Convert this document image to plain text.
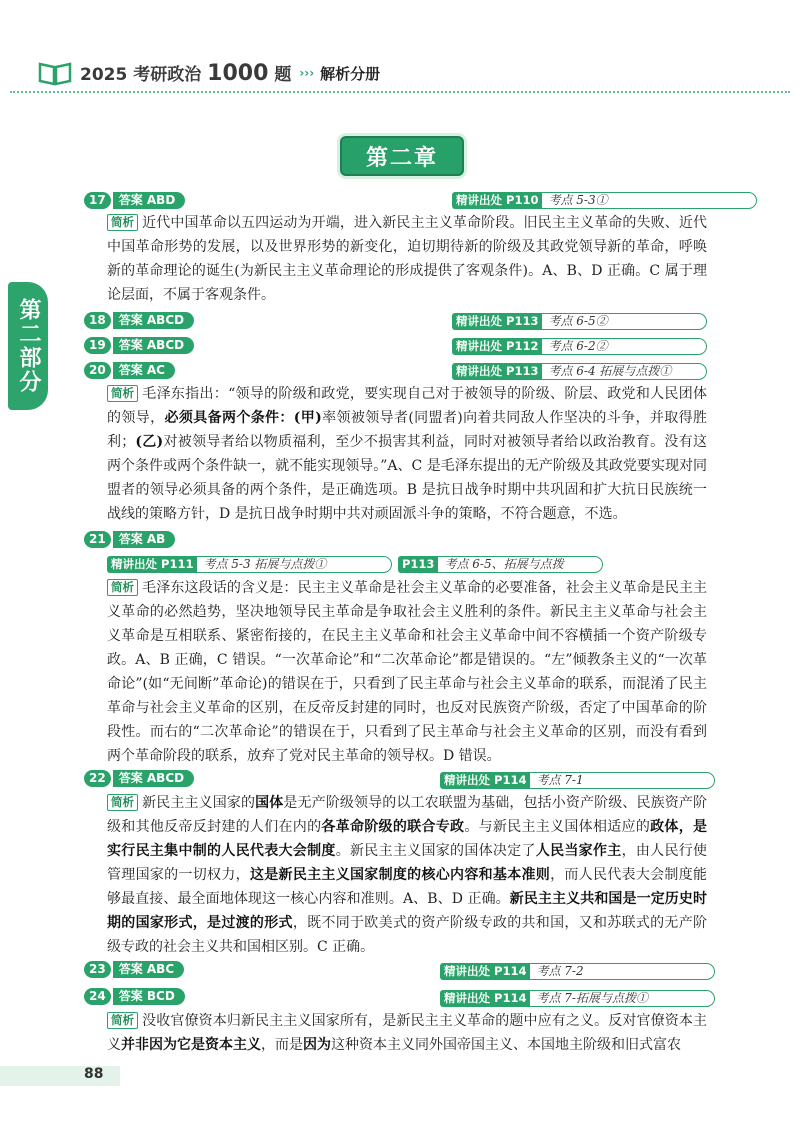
2025 考研政治 1000 题 ››› 解析分册
第二章
第二部分
17	答案 ABD	精讲出处 P110 考点 5-3①

简析 近代中国革命以五四运动为开端，进入新民主主义革命阶段。旧民主主义革命的失败、近代中国革命形势的发展，以及世界形势的新变化，迫切期待新的阶级及其政党领导新的革命，呼唤新的革命理论的诞生(为新民主主义革命理论的形成提供了客观条件)。A、B、D 正确。C 属于理论层面，不属于客观条件。

18	答案 ABCD	精讲出处 P113 考点 6-5②
19	答案 ABCD	精讲出处 P112 考点 6-2②
20	答案 AC	精讲出处 P113 考点 6-4 拓展与点拨①

简析 毛泽东指出：“领导的阶级和政党，要实现自己对于被领导的阶级、阶层、政党和人民团体的领导，必须具备两个条件：(甲)率领被领导者(同盟者)向着共同敌人作坚决的斗争，并取得胜利；(乙)对被领导者给以物质福利，至少不损害其利益，同时对被领导者给以政治教育。没有这两个条件或两个条件缺一，就不能实现领导。”A、C 是毛泽东提出的无产阶级及其政党要实现对同盟者的领导必须具备的两个条件，是正确选项。B 是抗日战争时期中共巩固和扩大抗日民族统一战线的策略方针，D 是抗日战争时期中共对顽固派斗争的策略，不符合题意，不选。

21	答案 AB
精讲出处 P111 考点 5-3 拓展与点拨①	P113 考点 6-5、拓展与点拨

简析 毛泽东这段话的含义是：民主主义革命是社会主义革命的必要准备，社会主义革命是民主主义革命的必然趋势，坚决地领导民主革命是争取社会主义胜利的条件。新民主主义革命与社会主义革命是互相联系、紧密衔接的，在民主主义革命和社会主义革命中间不容横插一个资产阶级专政。A、B 正确，C 错误。“一次革命论”和“二次革命论”都是错误的。“左”倾教条主义的“一次革命论”(如“无间断”革命论)的错误在于，只看到了民主革命与社会主义革命的联系，而混淆了民主革命与社会主义革命的区别，在反帝反封建的同时，也反对民族资产阶级，否定了中国革命的阶段性。而右的“二次革命论”的错误在于，只看到了民主革命与社会主义革命的区别，而没有看到两个革命阶段的联系，放弃了党对民主革命的领导权。D 错误。

22	答案 ABCD	精讲出处 P114 考点 7-1

简析 新民主主义国家的国体是无产阶级领导的以工农联盟为基础，包括小资产阶级、民族资产阶级和其他反帝反封建的人们在内的各革命阶级的联合专政。与新民主主义国体相适应的政体，是实行民主集中制的人民代表大会制度。新民主主义国家的国体决定了人民当家作主，由人民行使管理国家的一切权力，这是新民主主义国家制度的核心内容和基本准则，而人民代表大会制度能够最直接、最全面地体现这一核心内容和准则。A、B、D 正确。新民主主义共和国是一定历史时期的国家形式，是过渡的形式，既不同于欧美式的资产阶级专政的共和国，又和苏联式的无产阶级专政的社会主义共和国相区别。C 正确。

23	答案 ABC	精讲出处 P114 考点 7-2
24	答案 BCD	精讲出处 P114 考点 7-拓展与点拨①

简析 没收官僚资本归新民主主义国家所有，是新民主主义革命的题中应有之义。反对官僚资本主义并非因为它是资本主义，而是因为这种资本主义同外国帝国主义、本国地主阶级和旧式富农

88
